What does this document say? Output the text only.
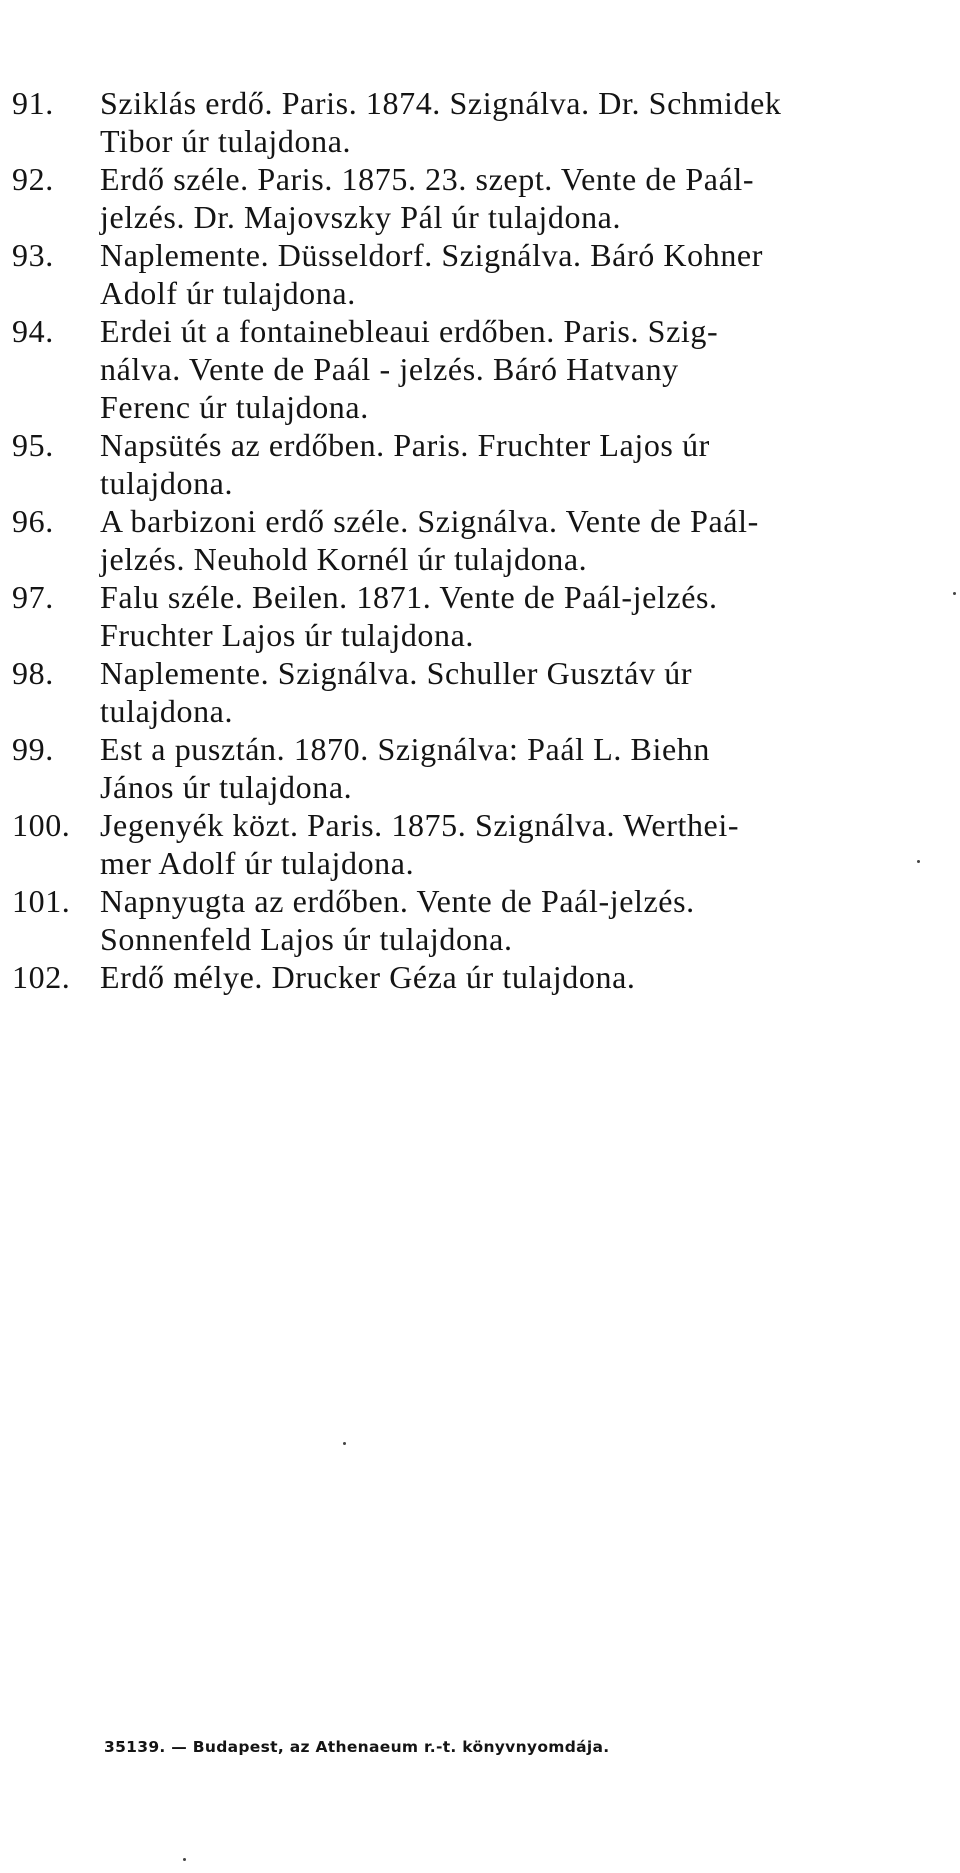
91.	Sziklás erdő. Paris. 1874. Szignálva. Dr. Schmidek
Tibor úr tulajdona.
92.	Erdő széle. Paris. 1875. 23. szept. Vente de Paál-
jelzés. Dr. Majovszky Pál úr tulajdona.
93.	Naplemente. Düsseldorf. Szignálva. Báró Kohner
Adolf úr tulajdona.
94.	Erdei út a fontainebleaui erdőben. Paris. Szig-
nálva. Vente de Paál - jelzés. Báró Hatvany
Ferenc úr tulajdona.
95.	Napsütés az erdőben. Paris. Fruchter Lajos úr
tulajdona.
96.	A barbizoni erdő széle. Szignálva. Vente de Paál-
jelzés. Neuhold Kornél úr tulajdona.
97.	Falu széle. Beilen. 1871. Vente de Paál-jelzés.
Fruchter Lajos úr tulajdona.
98.	Naplemente. Szignálva. Schuller Gusztáv úr
tulajdona.
99.	Est a pusztán. 1870. Szignálva: Paál L. Biehn
János úr tulajdona.
100. Jegenyék közt. Paris. 1875. Szignálva. Werthei-
mer Adolf úr tulajdona.
101. Napnyugta az erdőben. Vente de Paál-jelzés.
Sonnenfeld Lajos úr tulajdona.
102. Erdő mélye. Drucker Géza úr tulajdona.
35139. — Budapest, az Athenaeum r.-t. könyvnyomdája.
